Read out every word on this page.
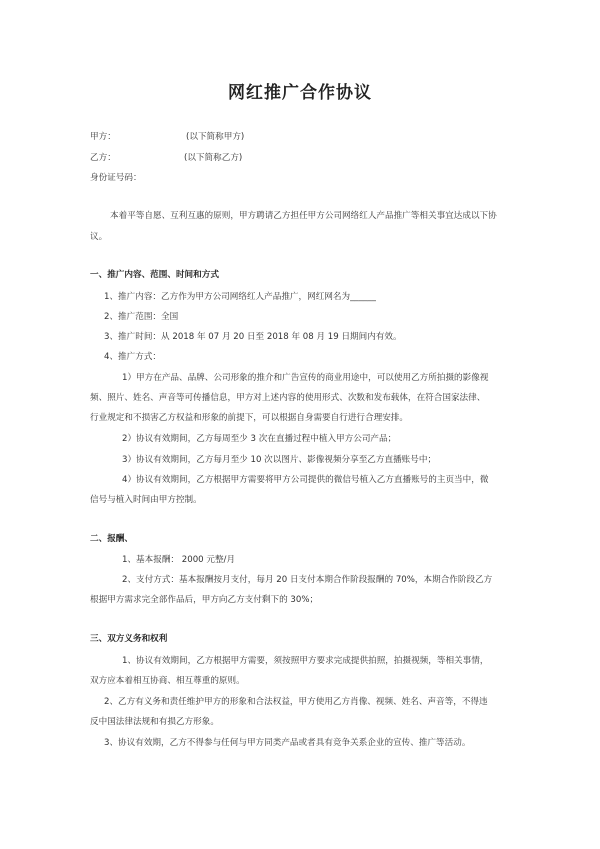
网红推广合作协议
甲方：	(以下简称甲方)
乙方：	(以下简称乙方)
身份证号码：
本着平等自愿、互利互惠的原则，甲方聘请乙方担任甲方公司网络红人产品推广等相关事宜达成以下协
议。
一、推广内容、范围、时间和方式
1、推广内容：乙方作为甲方公司网络红人产品推广，网红网名为______
2、推广范围：全国
3、推广时间：从 2018 年 07 月 20 日至 2018 年 08 月 19 日期间内有效。
4、推广方式：
1）甲方在产品、品牌、公司形象的推介和广告宣传的商业用途中，可以使用乙方所拍摄的影像视
频、照片、姓名、声音等可传播信息，甲方对上述内容的使用形式、次数和发布载体，在符合国家法律、
行业规定和不损害乙方权益和形象的前提下，可以根据自身需要自行进行合理安排。
2）协议有效期间，乙方每周至少 3 次在直播过程中植入甲方公司产品；
3）协议有效期间，乙方每月至少 10 次以图片、影像视频分享至乙方直播账号中；
4）协议有效期间，乙方根据甲方需要将甲方公司提供的微信号植入乙方直播账号的主页当中，微
信号与植入时间由甲方控制。
二、报酬、
1、基本报酬： 2000 元整/月
2、支付方式：基本报酬按月支付，每月 20 日支付本期合作阶段报酬的 70%，本期合作阶段乙方
根据甲方需求完全部作品后，甲方向乙方支付剩下的 30%；
三、双方义务和权利
1、协议有效期间，乙方根据甲方需要，须按照甲方要求完成提供拍照，拍摄视频，等相关事情，
双方应本着相互协商、相互尊重的原则。
2、乙方有义务和责任维护甲方的形象和合法权益，甲方使用乙方肖像、视频、姓名、声音等，不得违
反中国法律法规和有损乙方形象。
3、协议有效期，乙方不得参与任何与甲方同类产品或者具有竞争关系企业的宣传、推广等活动。
